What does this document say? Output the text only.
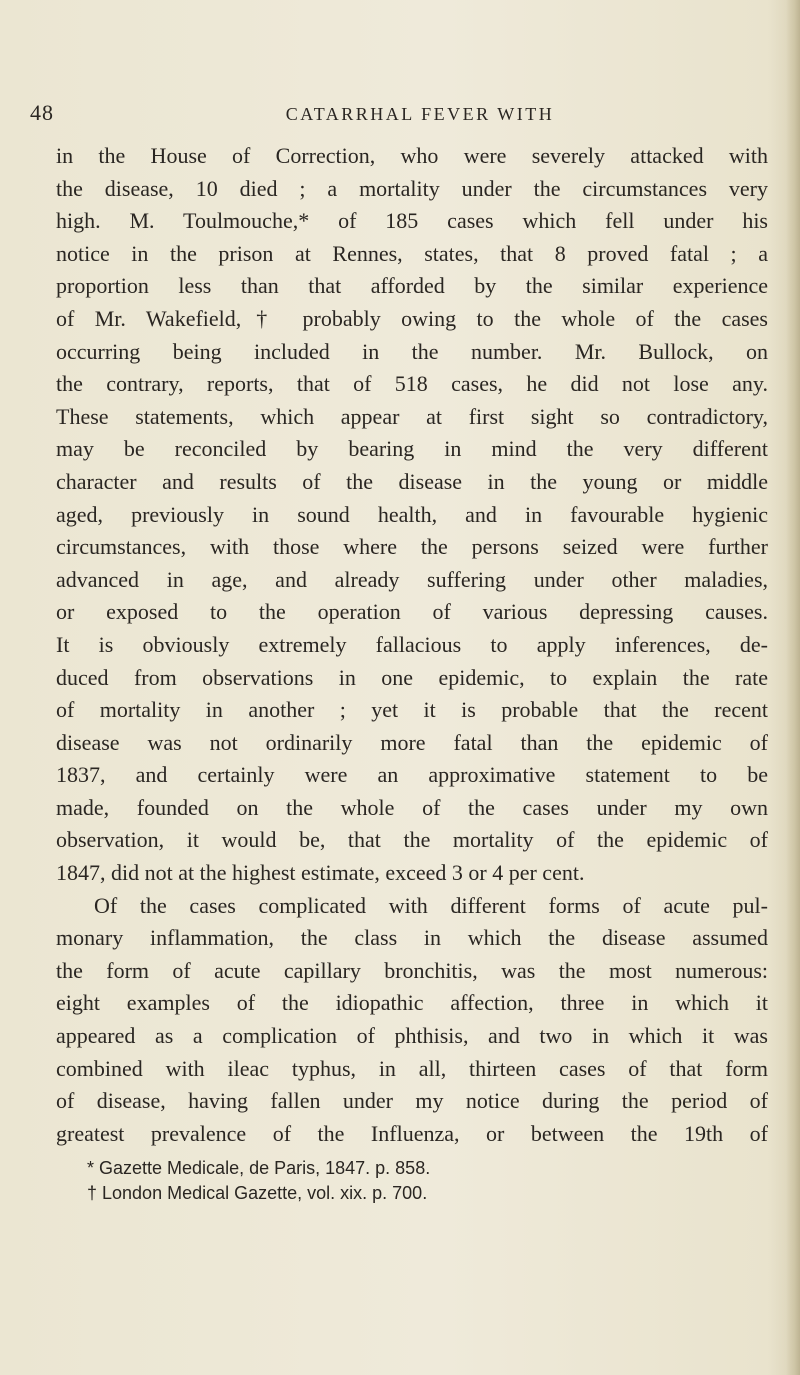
48	CATARRHAL FEVER WITH
in the House of Correction, who were severely attacked with
the disease, 10 died ; a mortality under the circumstances very
high. M. Toulmouche,* of 185 cases which fell under his
notice in the prison at Rennes, states, that 8 proved fatal ; a
proportion less than that afforded by the similar experience
of Mr. Wakefield,† probably owing to the whole of the cases
occurring being included in the number. Mr. Bullock, on
the contrary, reports, that of 518 cases, he did not lose any.
These statements, which appear at first sight so contradictory,
may be reconciled by bearing in mind the very different
character and results of the disease in the young or middle
aged, previously in sound health, and in favourable hygienic
circumstances, with those where the persons seized were further
advanced in age, and already suffering under other maladies,
or exposed to the operation of various depressing causes.
It is obviously extremely fallacious to apply inferences, de-
duced from observations in one epidemic, to explain the rate
of mortality in another ; yet it is probable that the recent
disease was not ordinarily more fatal than the epidemic of
1837, and certainly were an approximative statement to be
made, founded on the whole of the cases under my own
observation, it would be, that the mortality of the epidemic of
1847, did not at the highest estimate, exceed 3 or 4 per cent.
Of the cases complicated with different forms of acute pul-
monary inflammation, the class in which the disease assumed
the form of acute capillary bronchitis, was the most numerous:
eight examples of the idiopathic affection, three in which it
appeared as a complication of phthisis, and two in which it was
combined with ileac typhus, in all, thirteen cases of that form
of disease, having fallen under my notice during the period of
greatest prevalence of the Influenza, or between the 19th of
* Gazette Medicale, de Paris, 1847. p. 858.
† London Medical Gazette, vol. xix. p. 700.
